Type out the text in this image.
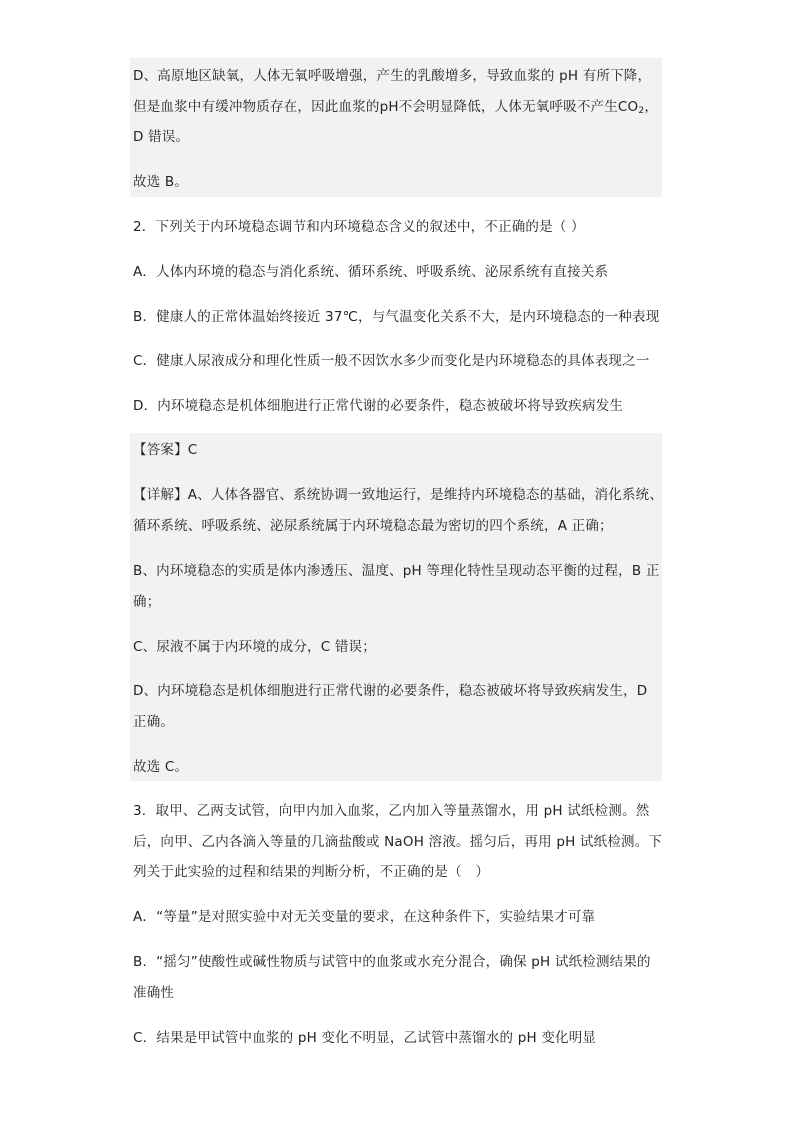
D、高原地区缺氧，人体无氧呼吸增强，产生的乳酸增多，导致血浆的 pH 有所下降，
但是血浆中有缓冲物质存在，因此血浆的pH不会明显降低，人体无氧呼吸不产生$CO_2$，
D 错误。
故选 B。
2．下列关于内环境稳态调节和内环境稳态含义的叙述中，不正确的是（ ）
A．人体内环境的稳态与消化系统、循环系统、呼吸系统、泌尿系统有直接关系
B．健康人的正常体温始终接近 37℃，与气温变化关系不大，是内环境稳态的一种表现
C．健康人尿液成分和理化性质一般不因饮水多少而变化是内环境稳态的具体表现之一
D．内环境稳态是机体细胞进行正常代谢的必要条件，稳态被破坏将导致疾病发生
【答案】C
【详解】A、人体各器官、系统协调一致地运行，是维持内环境稳态的基础，消化系统、
循环系统、呼吸系统、泌尿系统属于内环境稳态最为密切的四个系统，A 正确；
B、内环境稳态的实质是体内渗透压、温度、pH 等理化特性呈现动态平衡的过程，B 正
确；
C、尿液不属于内环境的成分，C 错误；
D、内环境稳态是机体细胞进行正常代谢的必要条件，稳态被破坏将导致疾病发生，D
正确。
故选 C。
3．取甲、乙两支试管，向甲内加入血浆，乙内加入等量蒸馏水，用 pH 试纸检测。然
后，向甲、乙内各滴入等量的几滴盐酸或 NaOH 溶液。摇匀后，再用 pH 试纸检测。下
列关于此实验的过程和结果的判断分析，不正确的是（　）
A．“等量”是对照实验中对无关变量的要求，在这种条件下，实验结果才可靠
B．“摇匀”使酸性或碱性物质与试管中的血浆或水充分混合，确保 pH 试纸检测结果的
准确性
C．结果是甲试管中血浆的 pH 变化不明显，乙试管中蒸馏水的 pH 变化明显
